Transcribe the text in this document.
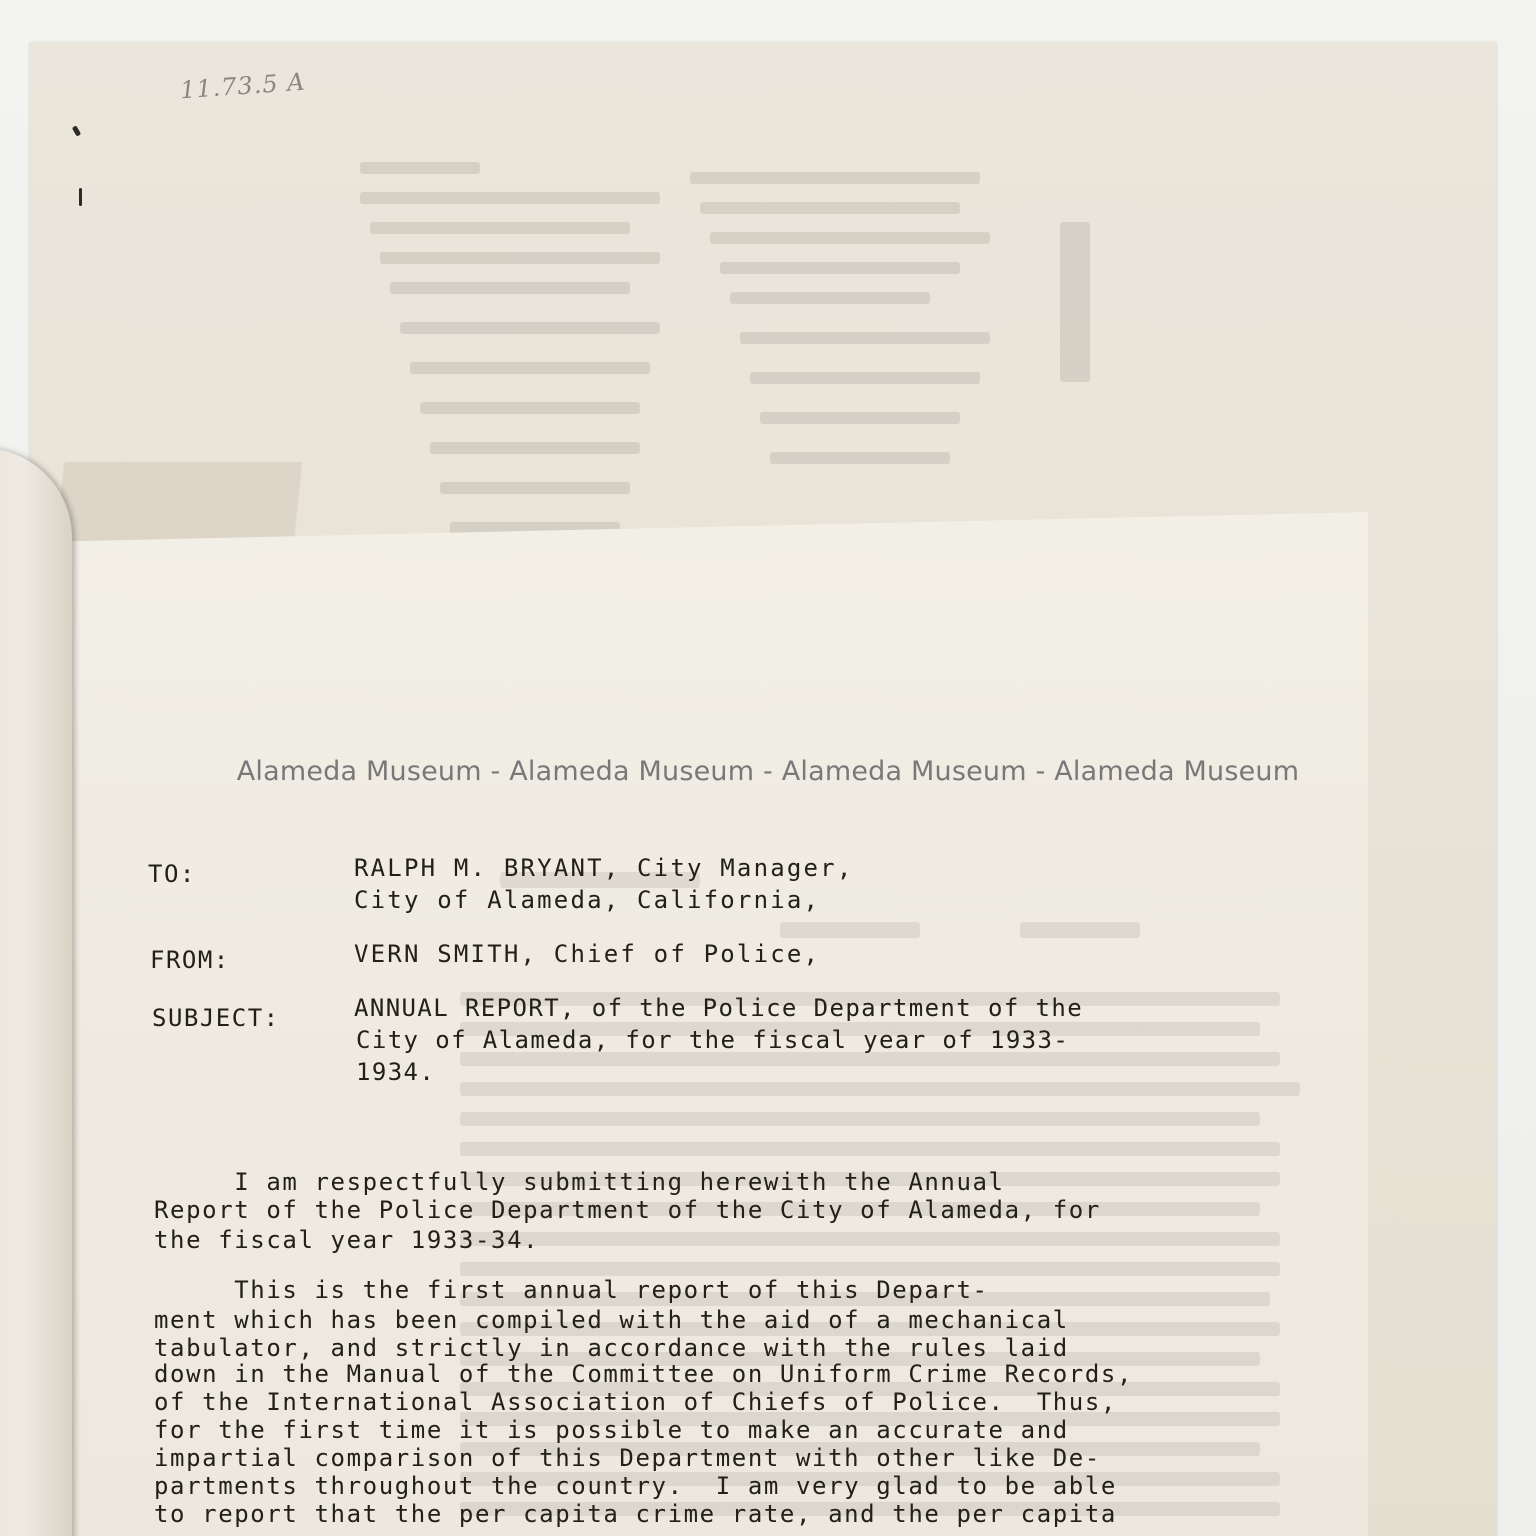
11.73.5 A
Alameda Museum - Alameda Museum - Alameda Museum - Alameda Museum
TO:	RALPH M. BRYANT, City Manager,
City of Alameda, California,
FROM:	VERN SMITH, Chief of Police,
SUBJECT:	ANNUAL REPORT, of the Police Department of the
City of Alameda, for the fiscal year of 1933-
1934.
I am respectfully submitting herewith the Annual
Report of the Police Department of the City of Alameda, for
the fiscal year 1933-34.
This is the first annual report of this Depart-
ment which has been compiled with the aid of a mechanical
tabulator, and strictly in accordance with the rules laid
down in the Manual of the Committee on Uniform Crime Records,
of the International Association of Chiefs of Police.  Thus,
for the first time it is possible to make an accurate and
impartial comparison of this Department with other like De-
partments throughout the country.  I am very glad to be able
to report that the per capita crime rate, and the per capita
